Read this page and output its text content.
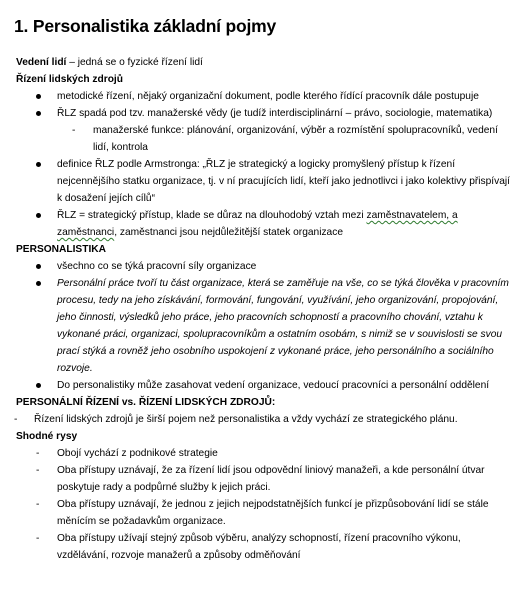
1. Personalistika základní pojmy

Vedení lidí – jedná se o fyzické řízení lidí

Řízení lidských zdrojů

metodické řízení, nějaký organizační dokument, podle kterého řídící pracovník dále postupuje
ŘLZ spadá pod tzv. manažerské vědy (je tudíž interdisciplinární – právo, sociologie, matematika)
- manažerské funkce: plánování, organizování, výběr a rozmístění spolupracovníků, vedení lidí, kontrola
definice ŘLZ podle Armstronga: „ŘLZ je strategický a logicky promyšlený přístup k řízení nejcennějšího statku organizace, tj. v ní pracujících lidí, kteří jako jednotlivci i jako kolektivy přispívají k dosažení jejích cílů“
ŘLZ = strategický přístup, klade se důraz na dlouhodobý vztah mezi zaměstnavatelem, a zaměstnanci, zaměstnanci jsou nejdůležitější statek organizace

PERSONALISTIKA

všechno co se týká pracovní síly organizace
Personální práce tvoří tu část organizace, která se zaměřuje na vše, co se týká člověka v pracovním procesu, tedy na jeho získávání, formování, fungování, využívání, jeho organizování, propojování, jeho činnosti, výsledků jeho práce, jeho pracovních schopností a pracovního chování, vztahu k vykonané práci, organizaci, spolupracovníkům a ostatním osobám, s nimiž se v souvislosti se svou prací stýká a rovněž jeho osobního uspokojení z vykonané práce, jeho personálního a sociálního rozvoje.
Do personalistiky může zasahovat vedení organizace, vedoucí pracovníci a personální oddělení

PERSONÁLNÍ ŘÍZENÍ vs. ŘÍZENÍ LIDSKÝCH ZDROJŮ:

- Řízení lidských zdrojů je širší pojem než personalistika a vždy vychází ze strategického plánu.

Shodné rysy

- Obojí vychází z podnikové strategie
- Oba přístupy uznávají, že za řízení lidí jsou odpovědní liniový manažeři, a kde personální útvar poskytuje rady a podpůrné služby k jejich práci.
- Oba přístupy uznávají, že jednou z jejich nejpodstatnějších funkcí je přizpůsobování lidí se stále měnícím se požadavkům organizace.
- Oba přístupy užívají stejný způsob výběru, analýzy schopností, řízení pracovního výkonu, vzdělávání, rozvoje manažerů a způsoby odměňování
